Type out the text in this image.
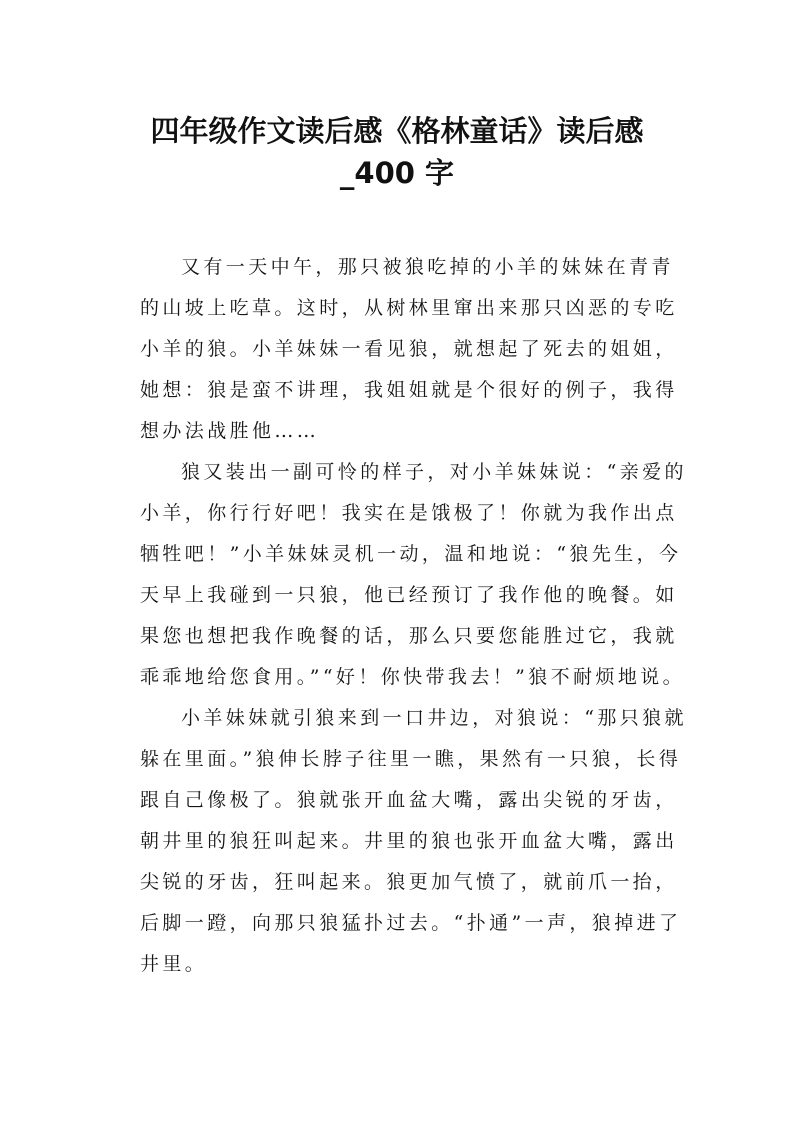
四年级作文读后感《格林童话》读后感
_400 字
又有一天中午，那只被狼吃掉的小羊的妹妹在青青
的山坡上吃草。这时，从树林里窜出来那只凶恶的专吃
小羊的狼。小羊妹妹一看见狼，就想起了死去的姐姐，
她想：狼是蛮不讲理，我姐姐就是个很好的例子，我得
想办法战胜他……
狼又装出一副可怜的样子，对小羊妹妹说：“亲爱的
小羊，你行行好吧！我实在是饿极了！你就为我作出点
牺牲吧！”小羊妹妹灵机一动，温和地说：“狼先生，今
天早上我碰到一只狼，他已经预订了我作他的晚餐。如
果您也想把我作晚餐的话，那么只要您能胜过它，我就
乖乖地给您食用。”“好！你快带我去！”狼不耐烦地说。
小羊妹妹就引狼来到一口井边，对狼说：“那只狼就
躲在里面。”狼伸长脖子往里一瞧，果然有一只狼，长得
跟自己像极了。狼就张开血盆大嘴，露出尖锐的牙齿，
朝井里的狼狂叫起来。井里的狼也张开血盆大嘴，露出
尖锐的牙齿，狂叫起来。狼更加气愤了，就前爪一抬，
后脚一蹬，向那只狼猛扑过去。“扑通”一声，狼掉进了
井里。
